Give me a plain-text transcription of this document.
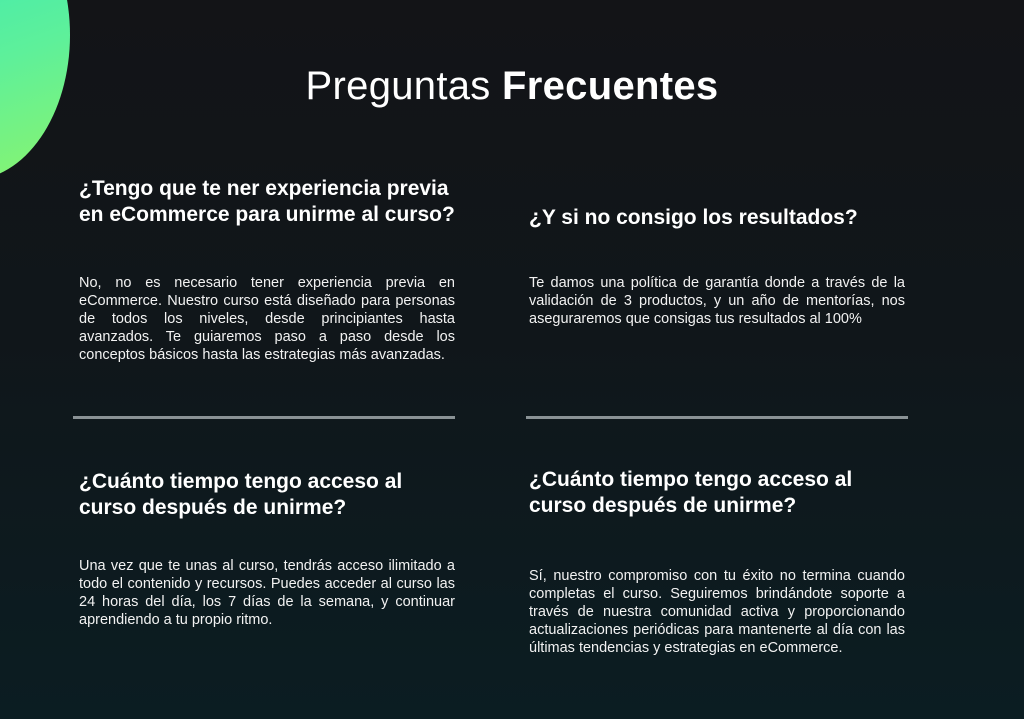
Preguntas Frecuentes

¿Tengo que te ner experiencia previa en eCommerce para unirme al curso?

No, no es necesario tener experiencia previa en eCommerce. Nuestro curso está diseñado para personas de todos los niveles, desde principiantes hasta avanzados. Te guiaremos paso a paso desde los conceptos básicos hasta las estrategias más avanzadas.

¿Y si no consigo los resultados?

Te damos una política de garantía donde a través de la validación de 3 productos, y un año de mentorías, nos aseguraremos que consigas tus resultados al 100%

¿Cuánto tiempo tengo acceso al curso después de unirme?

Una vez que te unas al curso, tendrás acceso ilimitado a todo el contenido y recursos. Puedes acceder al curso las 24 horas del día, los 7 días de la semana, y continuar aprendiendo a tu propio ritmo.

¿Cuánto tiempo tengo acceso al curso después de unirme?

Sí, nuestro compromiso con tu éxito no termina cuando completas el curso. Seguiremos brindándote soporte a través de nuestra comunidad activa y proporcionando actualizaciones periódicas para mantenerte al día con las últimas tendencias y estrategias en eCommerce.
